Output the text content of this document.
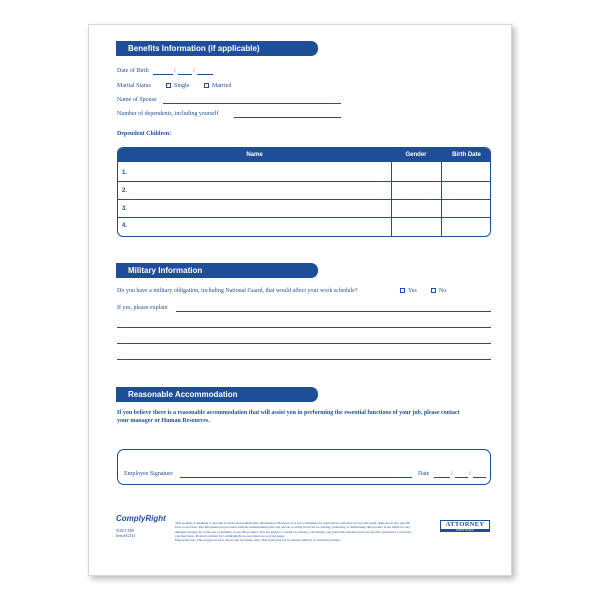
Benefits Information (if applicable)
Date of Birth	/	/
Marital Status	Single	Married
Name of Spouse
Number of dependents, including yourself
Dependent Children:
Name	Gender	Birth Date
1.
2.
3.
4.
Military Information
Do you have a military obligation, including National Guard, that would affect your work schedule?	Yes	No
If yes, please explain
Reasonable Accommodation
If you believe there is a reasonable accommodation that will assist you in performing the essential functions of your job, please contact your manager or Human Resources.
Employee Signature	Date	/	/
ComplyRight
W2815 ED8
Item #A2143
This product is designed to provide accurate and authoritative information. However, it is not a substitute for legal advice and does not provide legal opinions on any specific facts or services. The information is provided with the understanding that any person or entity involved in creating, producing or distributing this product is not liable for any damages arising out of the use or inability to use this product. You are urged to consult an attorney concerning your particular situation and any specific questions or concerns you may have. Products printed by ComplyRight are provided on recycled paper.
Important note: This is approved for use by the purchaser only. This form may not be shared publicly or with third parties.
ATTORNEY
APPROVED
